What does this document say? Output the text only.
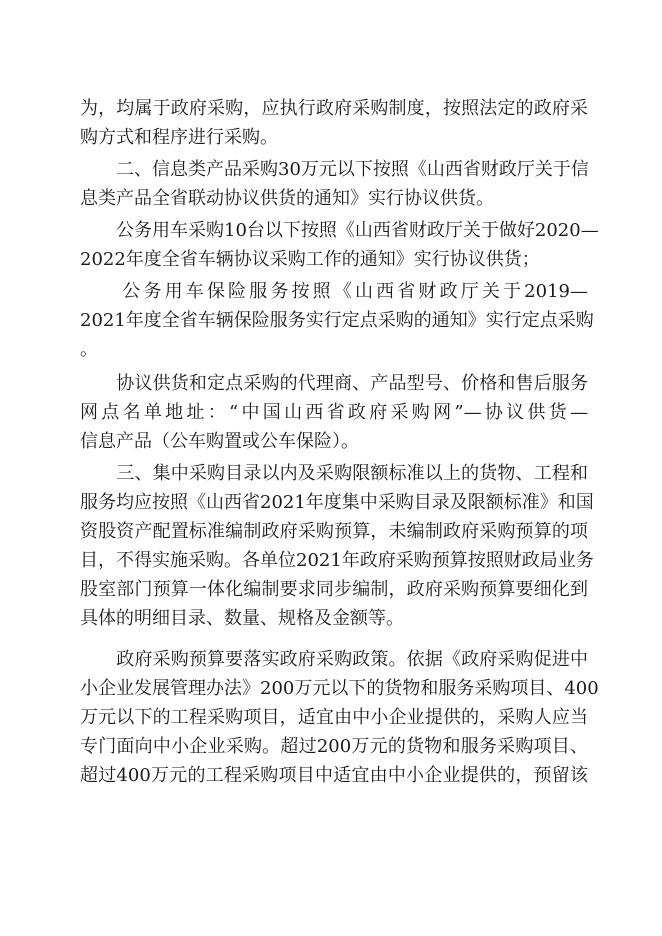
为，均属于政府采购，应执行政府采购制度，按照法定的政府采
购方式和程序进行采购。

　　二、信息类产品采购30万元以下按照《山西省财政厅关于信
息类产品全省联动协议供货的通知》实行协议供货。

　　公务用车采购10台以下按照《山西省财政厅关于做好2020—
2022年度全省车辆协议采购工作的通知》实行协议供货；

　　公务用车保险服务按照《山西省财政厅关于2019—
2021年度全省车辆保险服务实行定点采购的通知》实行定点采购
。

　　协议供货和定点采购的代理商、产品型号、价格和售后服务
网点名单地址：“中国山西省政府采购网”—协议供货—
信息产品（公车购置或公车保险）。

　　三、集中采购目录以内及采购限额标准以上的货物、工程和
服务均应按照《山西省2021年度集中采购目录及限额标准》和国
资股资产配置标准编制政府采购预算，未编制政府采购预算的项
目，不得实施采购。各单位2021年政府采购预算按照财政局业务
股室部门预算一体化编制要求同步编制，政府采购预算要细化到
具体的明细目录、数量、规格及金额等。

　　政府采购预算要落实政府采购政策。依据《政府采购促进中
小企业发展管理办法》200万元以下的货物和服务采购项目、400
万元以下的工程采购项目，适宜由中小企业提供的，采购人应当
专门面向中小企业采购。超过200万元的货物和服务采购项目、
超过400万元的工程采购项目中适宜由中小企业提供的，预留该
